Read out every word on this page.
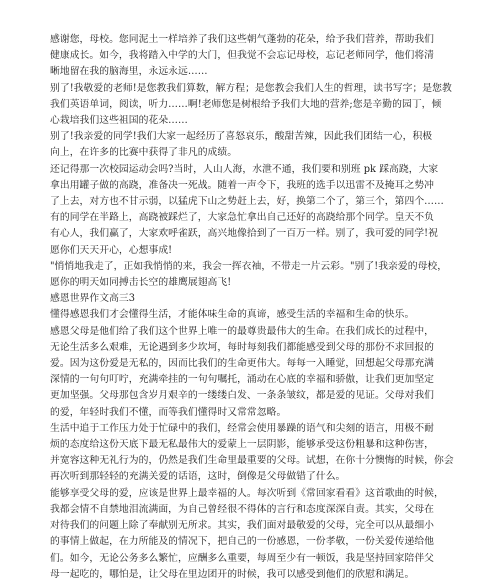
感谢您，母校。您同泥土一样培养了我们这些朝气蓬勃的花朵，给予我们营养，帮助我们
健康成长。如今，我将踏入中学的大门，但我觉不会忘记母校，忘记老师同学，他们将清
晰地留在我的脑海里，永远永远……
别了!我敬爱的老师!是您教我们算数，解方程；是您教会我们人生的哲理，读书写字；是您教
我们英语单词，阅读，听力……啊!老师您是树根给予我们大地的营养;您是辛勤的园丁，倾
心栽培我们这些祖国的花朵……
别了!我亲爱的同学!我们大家一起经历了喜怒哀乐，酸甜苦辣，因此我们团结一心，积极
向上，在许多的比赛中获得了非凡的成绩。
还记得那一次校园运动会吗?当时，人山人海，水泄不通，我们要和别班 pk 踩高跷，大家
拿出用罐子做的高跷，准备决一死战。随着一声令下，我班的选手以迅雷不及掩耳之势冲
了上去，对方也不甘示弱，以猛虎下山之势赶上去，好，换第二个了，第三个，第四个……
有的同学在半路上，高跷被踩烂了，大家急忙拿出自己还好的高跷给那个同学。皇天不负
有心人，我们赢了，大家欢呼雀跃，高兴地像拾到了一百万一样。别了，我可爱的同学!祝
愿你们天天开心，心想事成!
"悄悄地我走了，正如我悄悄的来，我会一挥衣袖，不带走一片云彩。"别了!我亲爱的母校，
愿你的明天如同搏击长空的雄鹰展翅高飞!
感恩世界作文高三3
懂得感恩我们才会懂得生活，才能体味生命的真谛，感受生活的幸福和生命的快乐。
感恩父母是他们给了我们这个世界上唯一的最尊贵最伟大的生命。在我们成长的过程中，
无论生活多么艰难，无论遇到多少坎坷，每时每刻我们都能感受到父母的那份不求回报的
爱。因为这份爱是无私的，因而比我们的生命更伟大。每每一入睡觉，回想起父母那充满
深情的一句句叮咛，充满牵挂的一句句嘱托，涌动在心底的幸福和骄傲，让我们更加坚定
更加坚强。父母那包含岁月艰辛的一缕缕白发、一条条皱纹，都是爱的见证。父母对我们
的爱，年轻时我们不懂，而等我们懂得时又常常忽略。
生活中追于工作压力处于忙碌中的我们，经常会使用暴躁的语气和尖刻的语言，用极不耐
烦的态度给这份天底下最无私最伟大的爱蒙上一层阴影，能够承受这份粗暴和这种伤害，
并宽容这种无礼行为的，仍然是我们生命里最重要的父母。试想，在你十分懊悔的时候，你会
再次听到那轻轻的充满关爱的话语，这时，倒像是父母做错了什么。
能够享受父母的爱，应该是世界上最幸福的人。每次听到《常回家看看》这首歌曲的时候，
我都会情不自禁地泪流满面，为自己曾经很不得体的言行和态度深深自责。其实，父母在
对待我们的问题上除了奉献别无所求。其实，我们面对最敬爱的父母，完全可以从最细小
的事情上做起，在力所能及的情况下，把自己的一份感恩，一份孝敬，一份关爱传递给他
们。如今，无论公务多么繁忙，应酬多么重要，每周至少有一顿饭，我是坚持回家陪伴父
母一起吃的，哪怕是，让父母在里边团开的时候，我可以感受到他们的欣慰和满足。
